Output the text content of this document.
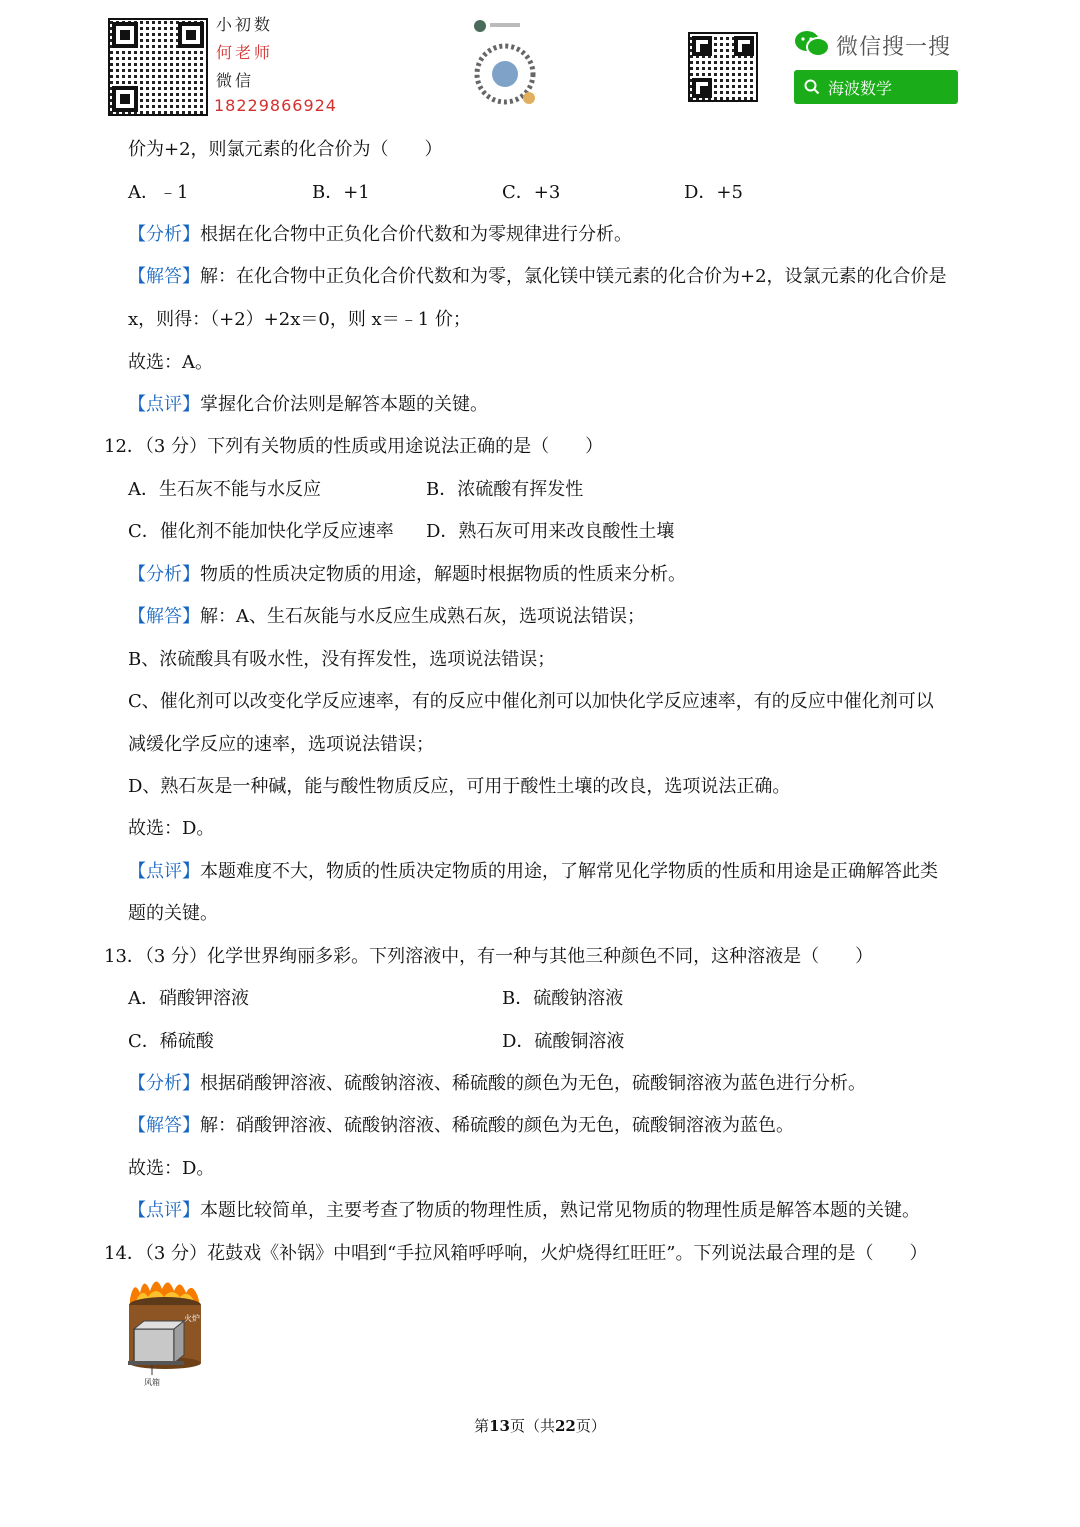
小初数
何老师
微信
18229866924
微信搜一搜
海波数学
价为+2，则氯元素的化合价为（　　）
A．﹣1	B．+1	C．+3	D．+5
【分析】根据在化合物中正负化合价代数和为零规律进行分析。
【解答】解：在化合物中正负化合价代数和为零，氯化镁中镁元素的化合价为+2，设氯元素的化合价是
x，则得：（+2）+2x＝0，则 x＝﹣1 价；
故选：A。
【点评】掌握化合价法则是解答本题的关键。
12．（3 分）下列有关物质的性质或用途说法正确的是（　　）
A．生石灰不能与水反应	B．浓硫酸有挥发性
C．催化剂不能加快化学反应速率 D．熟石灰可用来改良酸性土壤
【分析】物质的性质决定物质的用途，解题时根据物质的性质来分析。
【解答】解：A、生石灰能与水反应生成熟石灰，选项说法错误；
B、浓硫酸具有吸水性，没有挥发性，选项说法错误；
C、催化剂可以改变化学反应速率，有的反应中催化剂可以加快化学反应速率，有的反应中催化剂可以
减缓化学反应的速率，选项说法错误；
D、熟石灰是一种碱，能与酸性物质反应，可用于酸性土壤的改良，选项说法正确。
故选：D。
【点评】本题难度不大，物质的性质决定物质的用途，了解常见化学物质的性质和用途是正确解答此类
题的关键。
13．（3 分）化学世界绚丽多彩。下列溶液中，有一种与其他三种颜色不同，这种溶液是（　　）
A．硝酸钾溶液	B．硫酸钠溶液
C．稀硫酸	D．硫酸铜溶液
【分析】根据硝酸钾溶液、硫酸钠溶液、稀硫酸的颜色为无色，硫酸铜溶液为蓝色进行分析。
【解答】解：硝酸钾溶液、硫酸钠溶液、稀硫酸的颜色为无色，硫酸铜溶液为蓝色。
故选：D。
【点评】本题比较简单，主要考查了物质的物理性质，熟记常见物质的物理性质是解答本题的关键。
14．（3 分）花鼓戏《补锅》中唱到“手拉风箱呼呼响，火炉烧得红旺旺”。下列说法最合理的是（　　）
火炉
风箱
第13页（共22页）
